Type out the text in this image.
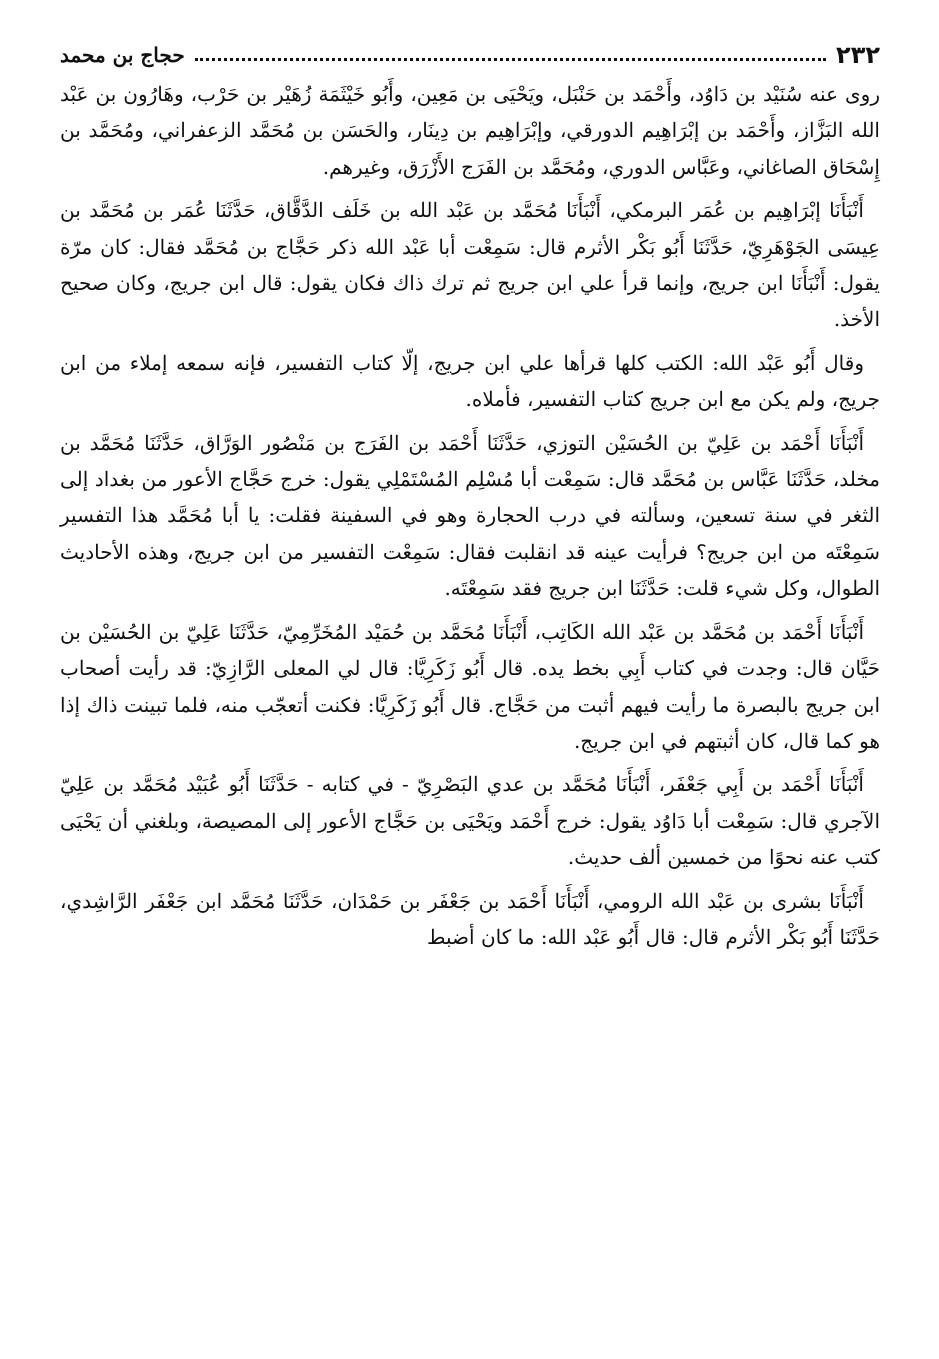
٢٣٢
حجاج بن محمد

روى عنه سُنَيْد بن دَاوُد، وأَحْمَد بن حَنْبَل، ويَحْيَى بن مَعِين، وأَبُو خَيْثَمَة زُهَيْر بن حَرْب، وهَارُون بن عَبْد الله البَزَّاز، وأَحْمَد بن إبْرَاهِيم الدورقي، وإبْرَاهِيم بن دِينَار، والحَسَن بن مُحَمَّد الزعفراني، ومُحَمَّد بن إِسْحَاق الصاغاني، وعَبَّاس الدوري، ومُحَمَّد بن الفَرَج الأَزْرَق، وغيرهم.

أَنْبَأَنَا إبْرَاهِيم بن عُمَر البرمكي، أَنْبَأَنَا مُحَمَّد بن عَبْد الله بن خَلَف الدَّقَّاق، حَدَّثَنَا عُمَر بن مُحَمَّد بن عِيسَى الجَوْهَرِيّ، حَدَّثَنَا أَبُو بَكْر الأثرم قال: سَمِعْت أبا عَبْد الله ذكر حَجَّاج بن مُحَمَّد فقال: كان مرّة يقول: أَنْبَأَنَا ابن جريج، وإنما قرأ علي ابن جريج ثم ترك ذاك فكان يقول: قال ابن جريج، وكان صحيح الأخذ.

وقال أَبُو عَبْد الله: الكتب كلها قرأها علي ابن جريج، إلّا كتاب التفسير، فإنه سمعه إملاء من ابن جريج، ولم يكن مع ابن جريج كتاب التفسير، فأملاه.

أَنْبَأَنَا أَحْمَد بن عَلِيّ بن الحُسَيْن التوزي، حَدَّثَنَا أَحْمَد بن الفَرَج بن مَنْصُور الوَرَّاق، حَدَّثَنَا مُحَمَّد بن مخلد، حَدَّثَنَا عَبَّاس بن مُحَمَّد قال: سَمِعْت أبا مُسْلِم المُسْتَمْلِي يقول: خرج حَجَّاج الأعور من بغداد إلى الثغر في سنة تسعين، وسألته في درب الحجارة وهو في السفينة فقلت: يا أبا مُحَمَّد هذا التفسير سَمِعْتَه من ابن جريج؟ فرأيت عينه قد انقلبت فقال: سَمِعْت التفسير من ابن جريج، وهذه الأحاديث الطوال، وكل شيء قلت: حَدَّثَنَا ابن جريج فقد سَمِعْتَه.

أَنْبَأَنَا أَحْمَد بن مُحَمَّد بن عَبْد الله الكَاتِب، أَنْبَأَنَا مُحَمَّد بن حُمَيْد المُخَرِّمِيّ، حَدَّثَنَا عَلِيّ بن الحُسَيْن بن حَيَّان قال: وجدت في كتاب أَبِي بخط يده. قال أَبُو زَكَرِيَّا: قال لي المعلى الرَّازِيّ: قد رأيت أصحاب ابن جريج بالبصرة ما رأيت فيهم أثبت من حَجَّاج. قال أَبُو زَكَرِيَّا: فكنت أتعجّب منه، فلما تبينت ذاك إذا هو كما قال، كان أثبتهم في ابن جريج.

أَنْبَأَنَا أَحْمَد بن أَبِي جَعْفَر، أَنْبَأَنَا مُحَمَّد بن عدي البَصْرِيّ - في كتابه - حَدَّثَنَا أَبُو عُبَيْد مُحَمَّد بن عَلِيّ الآجري قال: سَمِعْت أبا دَاوُد يقول: خرج أَحْمَد ويَحْيَى بن حَجَّاج الأعور إلى المصيصة، وبلغني أن يَحْيَى كتب عنه نحوًا من خمسين ألف حديث.

أَنْبَأَنَا بشرى بن عَبْد الله الرومي، أَنْبَأَنَا أَحْمَد بن جَعْفَر بن حَمْدَان، حَدَّثَنَا مُحَمَّد ابن جَعْفَر الرَّاشِدي، حَدَّثَنَا أَبُو بَكْر الأثرم قال: قال أَبُو عَبْد الله: ما كان أضبط
